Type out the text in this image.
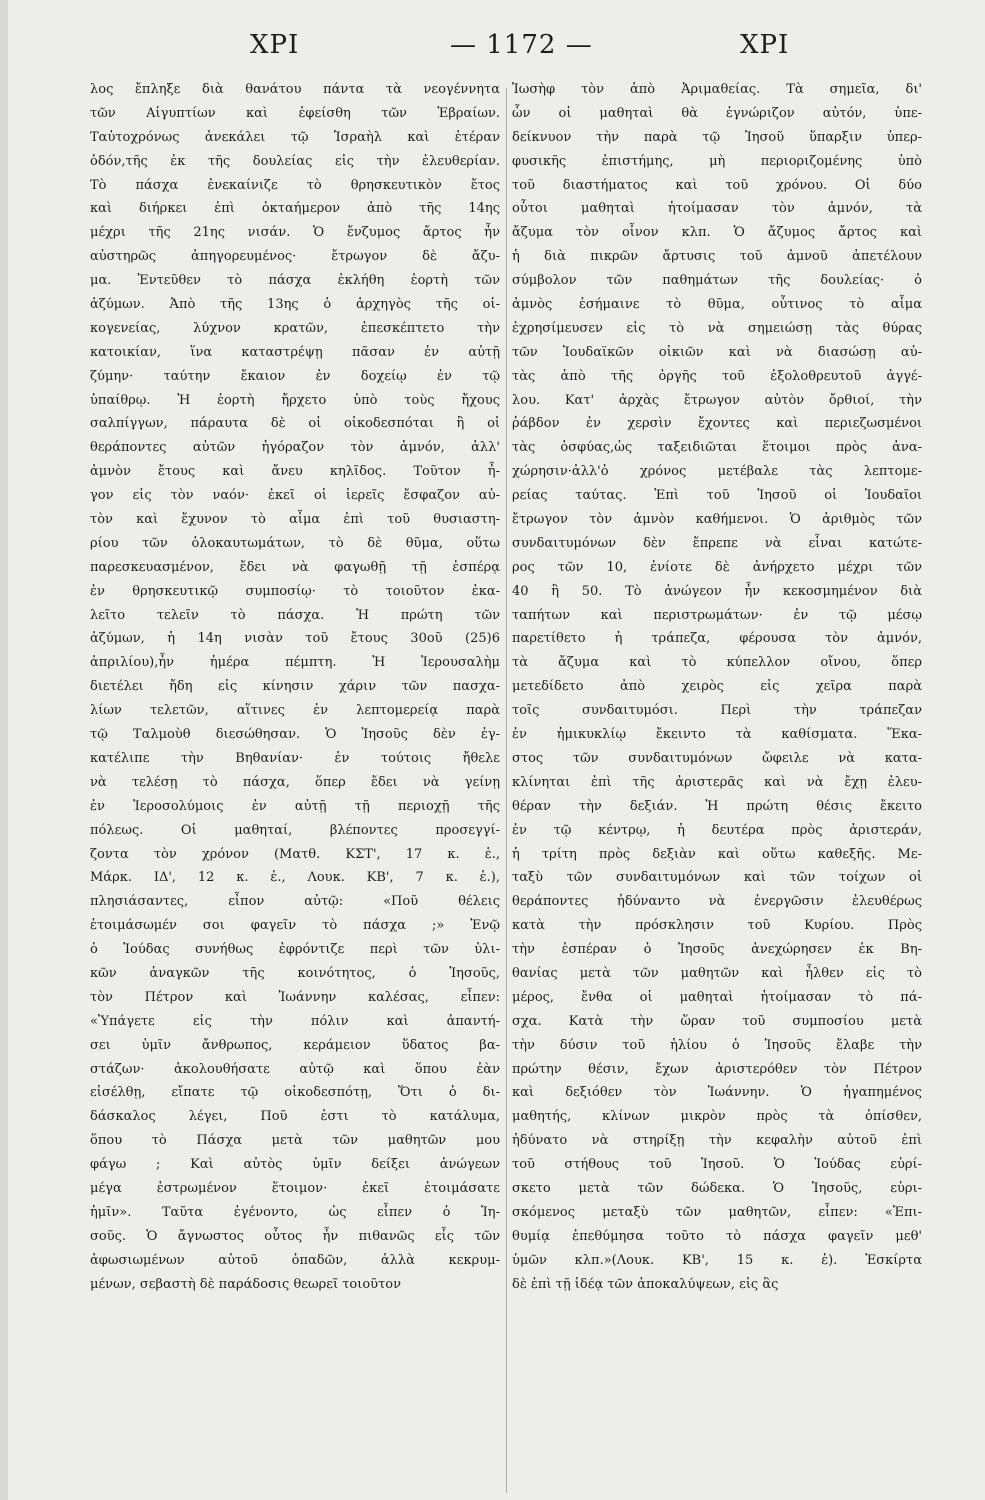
ΧΡΙ	— 1172 —	ΧΡΙ
λος ἔπληξε διὰ θανάτου πάντα τὰ νεογέννητα
τῶν Αἰγυπτίων καὶ ἐφείσθη τῶν Ἑβραίων.
Ταὐτοχρόνως ἀνεκάλει τῷ Ἰσραὴλ καὶ ἑτέραν
ὁδόν,τῆς ἐκ τῆς δουλείας εἰς τὴν ἐλευθερίαν.
Τὸ πάσχα ἐνεκαίνιζε τὸ θρησκευτικὸν ἔτος
καὶ διήρκει ἐπὶ ὀκταήμερον ἀπὸ τῆς 14ης
μέχρι τῆς 21ης νισάν. Ὁ ἔνζυμος ἄρτος ἦν
αὐστηρῶς ἀπηγορευμένος· ἔτρωγον δὲ ἄζυ-
μα. Ἐντεῦθεν τὸ πάσχα ἐκλήθη ἑορτὴ τῶν
ἀζύμων. Ἀπὸ τῆς 13ης ὁ ἀρχηγὸς τῆς οἰ-
κογενείας, λύχνον κρατῶν, ἐπεσκέπτετο τὴν
κατοικίαν, ἵνα καταστρέψῃ πᾶσαν ἐν αὐτῇ
ζύμην· ταύτην ἔκαιον ἐν δοχείῳ ἐν τῷ
ὑπαίθρῳ. Ἡ ἑορτὴ ἤρχετο ὑπὸ τοὺς ἤχους
σαλπίγγων, πάραυτα δὲ οἱ οἰκοδεσπόται ἢ οἱ
θεράποντες αὐτῶν ἠγόραζον τὸν ἀμνόν, ἀλλ'
ἀμνὸν ἔτους καὶ ἄνευ κηλῖδος. Τοῦτον ἦ-
γον εἰς τὸν ναόν· ἐκεῖ οἱ ἱερεῖς ἔσφαζον αὐ-
τὸν καὶ ἔχυνον τὸ αἷμα ἐπὶ τοῦ θυσιαστη-
ρίου τῶν ὁλοκαυτωμάτων, τὸ δὲ θῦμα, οὕτω
παρεσκευασμένον, ἔδει νὰ φαγωθῇ τῇ ἑσπέρᾳ
ἐν θρησκευτικῷ συμποσίῳ· τὸ τοιοῦτον ἐκα-
λεῖτο τελεῖν τὸ πάσχα. Ἡ πρώτη τῶν
ἀζύμων, ἡ 14η νισὰν τοῦ ἔτους 30οῦ (25)6
ἀπριλίου),ἦν ἡμέρα πέμπτη. Ἡ Ἱερουσαλὴμ
διετέλει ἤδη εἰς κίνησιν χάριν τῶν πασχα-
λίων τελετῶν, αἵτινες ἐν λεπτομερείᾳ παρὰ
τῷ Ταλμοὺθ διεσώθησαν. Ὁ Ἰησοῦς δὲν ἐγ-
κατέλιπε τὴν Βηθανίαν· ἐν τούτοις ἤθελε
νὰ τελέσῃ τὸ πάσχα, ὅπερ ἔδει νὰ γείνῃ
ἐν Ἱεροσολύμοις ἐν αὐτῇ τῇ περιοχῇ τῆς
πόλεως. Οἱ μαθηταί, βλέποντες προσεγγί-
ζοντα τὸν χρόνον (Ματθ. ΚΣΤ', 17 κ. ἑ.,
Μάρκ. ΙΔ', 12 κ. ἑ., Λουκ. ΚΒ', 7 κ. ἑ.),
πλησιάσαντες, εἶπον αὐτῷ: «Ποῦ θέλεις
ἑτοιμάσωμέν σοι φαγεῖν τὸ πάσχα ;» Ἐνῷ
ὁ Ἰούδας συνήθως ἐφρόντιζε περὶ τῶν ὑλι-
κῶν ἀναγκῶν τῆς κοινότητος, ὁ Ἰησοῦς,
τὸν Πέτρον καὶ Ἰωάννην καλέσας, εἶπεν:
«Ὑπάγετε εἰς τὴν πόλιν καὶ ἀπαντή-
σει ὑμῖν ἄνθρωπος, κεράμειον ὕδατος βα-
στάζων· ἀκολουθήσατε αὐτῷ καὶ ὅπου ἐὰν
εἰσέλθῃ, εἴπατε τῷ οἰκοδεσπότῃ, Ὅτι ὁ δι-
δάσκαλος λέγει, Ποῦ ἐστι τὸ κατάλυμα,
ὅπου τὸ Πάσχα μετὰ τῶν μαθητῶν μου
φάγω ; Καὶ αὐτὸς ὑμῖν δείξει ἀνώγεων
μέγα ἐστρωμένον ἕτοιμον· ἐκεῖ ἑτοιμάσατε
ἡμῖν». Ταῦτα ἐγένοντο, ὡς εἶπεν ὁ Ἰη-
σοῦς. Ὁ ἄγνωστος οὗτος ἦν πιθανῶς εἷς τῶν
ἀφωσιωμένων αὐτοῦ ὀπαδῶν, ἀλλὰ κεκρυμ-
μένων, σεβαστὴ δὲ παράδοσις θεωρεῖ τοιοῦτον
Ἰωσὴφ τὸν ἀπὸ Ἀριμαθείας. Τὰ σημεῖα, δι'
ὧν οἱ μαθηταὶ θὰ ἐγνώριζον αὐτόν, ὑπε-
δείκνυον τὴν παρὰ τῷ Ἰησοῦ ὕπαρξιν ὑπερ-
φυσικῆς ἐπιστήμης, μὴ περιοριζομένης ὑπὸ
τοῦ διαστήματος καὶ τοῦ χρόνου. Οἱ δύο
οὗτοι μαθηταὶ ἡτοίμασαν τὸν ἀμνόν, τὰ
ἄζυμα τὸν οἶνον κλπ. Ὁ ἄζυμος ἄρτος καὶ
ἡ διὰ πικρῶν ἄρτυσις τοῦ ἀμνοῦ ἀπετέλουν
σύμβολον τῶν παθημάτων τῆς δουλείας· ὁ
ἀμνὸς ἐσήμαινε τὸ θῦμα, οὗτινος τὸ αἷμα
ἐχρησίμευσεν εἰς τὸ νὰ σημειώσῃ τὰς θύρας
τῶν Ἰουδαϊκῶν οἰκιῶν καὶ νὰ διασώσῃ αὐ-
τὰς ἀπὸ τῆς ὀργῆς τοῦ ἐξολοθρευτοῦ ἀγγέ-
λου. Κατ' ἀρχὰς ἔτρωγον αὐτὸν ὄρθιοί, τὴν
ῥάβδον ἐν χερσὶν ἔχοντες καὶ περιεζωσμένοι
τὰς ὀσφύας,ὡς ταξειδιῶται ἕτοιμοι πρὸς ἀνα-
χώρησιν·ἀλλ'ὁ χρόνος μετέβαλε τὰς λεπτομε-
ρείας ταύτας. Ἐπὶ τοῦ Ἰησοῦ οἱ Ἰουδαῖοι
ἔτρωγον τὸν ἀμνὸν καθήμενοι. Ὁ ἀριθμὸς τῶν
συνδαιτυμόνων δὲν ἔπρεπε νὰ εἶναι κατώτε-
ρος τῶν 10, ἐνίοτε δὲ ἀνήρχετο μέχρι τῶν
40 ἢ 50. Τὸ ἀνώγεον ἦν κεκοσμημένον διὰ
ταπήτων καὶ περιστρωμάτων· ἐν τῷ μέσῳ
παρετίθετο ἡ τράπεζα, φέρουσα τὸν ἀμνόν,
τὰ ἄζυμα καὶ τὸ κύπελλον οἴνου, ὅπερ
μετεδίδετο ἀπὸ χειρὸς εἰς χεῖρα παρὰ
τοῖς συνδαιτυμόσι. Περὶ τὴν τράπεζαν
ἐν ἡμικυκλίῳ ἔκειντο τὰ καθίσματα. Ἕκα-
στος τῶν συνδαιτυμόνων ὤφειλε νὰ κατα-
κλίνηται ἐπὶ τῆς ἀριστερᾶς καὶ νὰ ἔχῃ ἐλευ-
θέραν τὴν δεξιάν. Ἡ πρώτη θέσις ἔκειτο
ἐν τῷ κέντρῳ, ἡ δευτέρα πρὸς ἀριστεράν,
ἡ τρίτη πρὸς δεξιὰν καὶ οὕτω καθεξῆς. Με-
ταξὺ τῶν συνδαιτυμόνων καὶ τῶν τοίχων οἱ
θεράποντες ἠδύναντο νὰ ἐνεργῶσιν ἐλευθέρως
κατὰ τὴν πρόσκλησιν τοῦ Κυρίου. Πρὸς
τὴν ἑσπέραν ὁ Ἰησοῦς ἀνεχώρησεν ἐκ Βη-
θανίας μετὰ τῶν μαθητῶν καὶ ἦλθεν εἰς τὸ
μέρος, ἔνθα οἱ μαθηταὶ ἡτοίμασαν τὸ πά-
σχα. Κατὰ τὴν ὥραν τοῦ συμποσίου μετὰ
τὴν δύσιν τοῦ ἡλίου ὁ Ἰησοῦς ἔλαβε τὴν
πρώτην θέσιν, ἔχων ἀριστερόθεν τὸν Πέτρον
καὶ δεξιόθεν τὸν Ἰωάννην. Ὁ ἠγαπημένος
μαθητής, κλίνων μικρὸν πρὸς τὰ ὀπίσθεν,
ἠδύνατο νὰ στηρίξῃ τὴν κεφαλὴν αὐτοῦ ἐπὶ
τοῦ στήθους τοῦ Ἰησοῦ. Ὁ Ἰούδας εὑρί-
σκετο μετὰ τῶν δώδεκα. Ὁ Ἰησοῦς, εὑρι-
σκόμενος μεταξὺ τῶν μαθητῶν, εἶπεν: «Ἐπι-
θυμίᾳ ἐπεθύμησα τοῦτο τὸ πάσχα φαγεῖν μεθ'
ὑμῶν κλπ.»(Λουκ. ΚΒ', 15 κ. ἑ). Ἐσκίρτα
δὲ ἐπὶ τῇ ἰδέᾳ τῶν ἀποκαλύψεων, εἰς ἃς
